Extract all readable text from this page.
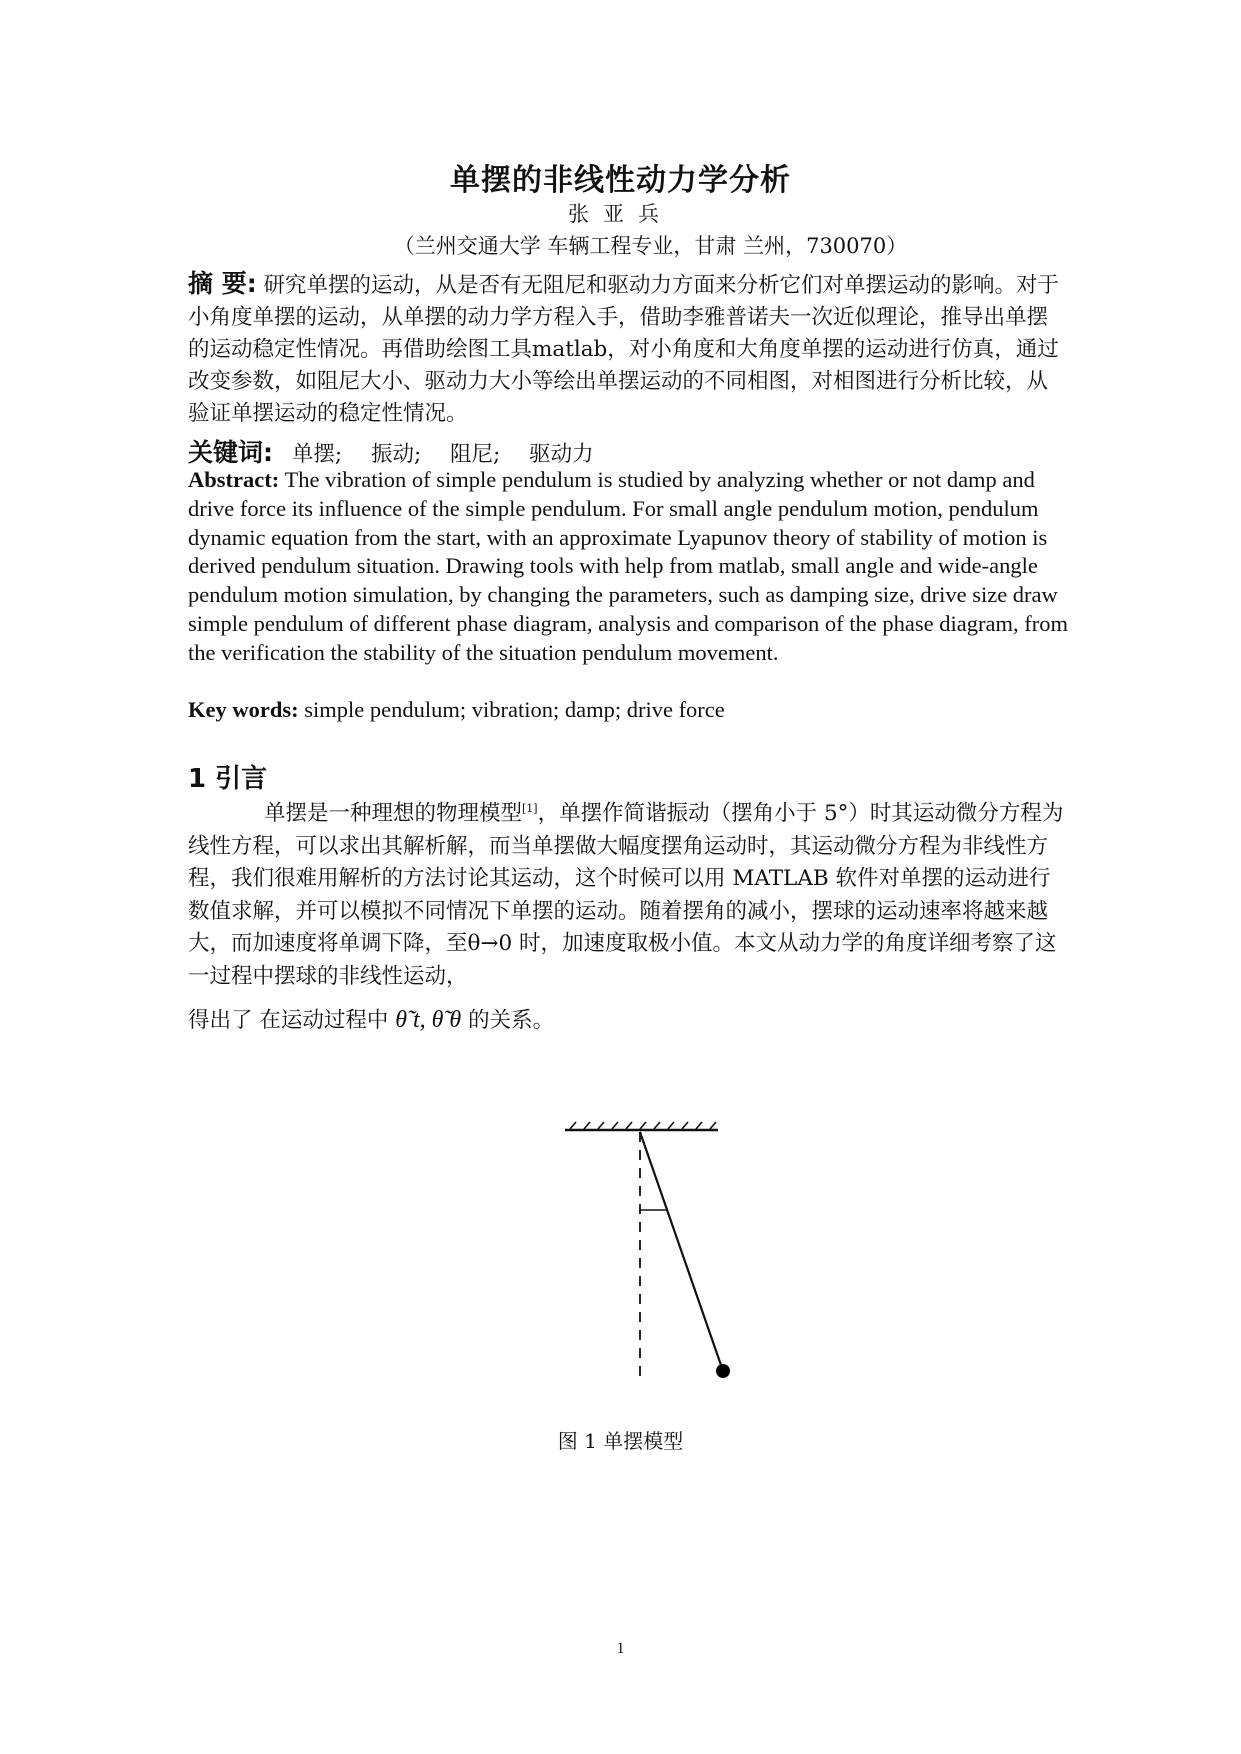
单摆的非线性动力学分析
张亚兵
（兰州交通大学 车辆工程专业，甘肃 兰州，730070）
摘 要: 研究单摆的运动，从是否有无阻尼和驱动力方面来分析它们对单摆运动的影响。对于小角度单摆的运动，从单摆的动力学方程入手，借助李雅普诺夫一次近似理论，推导出单摆的运动稳定性情况。再借助绘图工具matlab，对小角度和大角度单摆的运动进行仿真，通过改变参数，如阻尼大小、驱动力大小等绘出单摆运动的不同相图，对相图进行分析比较，从验证单摆运动的稳定性情况。
关键词: 单摆; 振动; 阻尼; 驱动力
Abstract: The vibration of simple pendulum is studied by analyzing whether or not damp and drive force its influence of the simple pendulum. For small angle pendulum motion, pendulum dynamic equation from the start, with an approximate Lyapunov theory of stability of motion is derived pendulum situation. Drawing tools with help from matlab, small angle and wide-angle pendulum motion simulation, by changing the parameters, such as damping size, drive size draw simple pendulum of different phase diagram, analysis and comparison of the phase diagram, from the verification the stability of the situation pendulum movement.
Key words: simple pendulum; vibration; damp; drive force
1 引言
单摆是一种理想的物理模型[1]，单摆作简谐振动（摆角小于 5°）时其运动微分方程为线性方程，可以求出其解析解，而当单摆做大幅度摆角运动时，其运动微分方程为非线性方程，我们很难用解析的方法讨论其运动，这个时候可以用 MATLAB 软件对单摆的运动进行数值求解，并可以模拟不同情况下单摆的运动。随着摆角的减小，摆球的运动速率将越来越大，而加速度将单调下降，至θ→0 时，加速度取极小值。本文从动力学的角度详细考察了这一过程中摆球的非线性运动，
得出了 在运动过程中 θ̃ t, θ̃ θ 的关系。
图 1 单摆模型
1
